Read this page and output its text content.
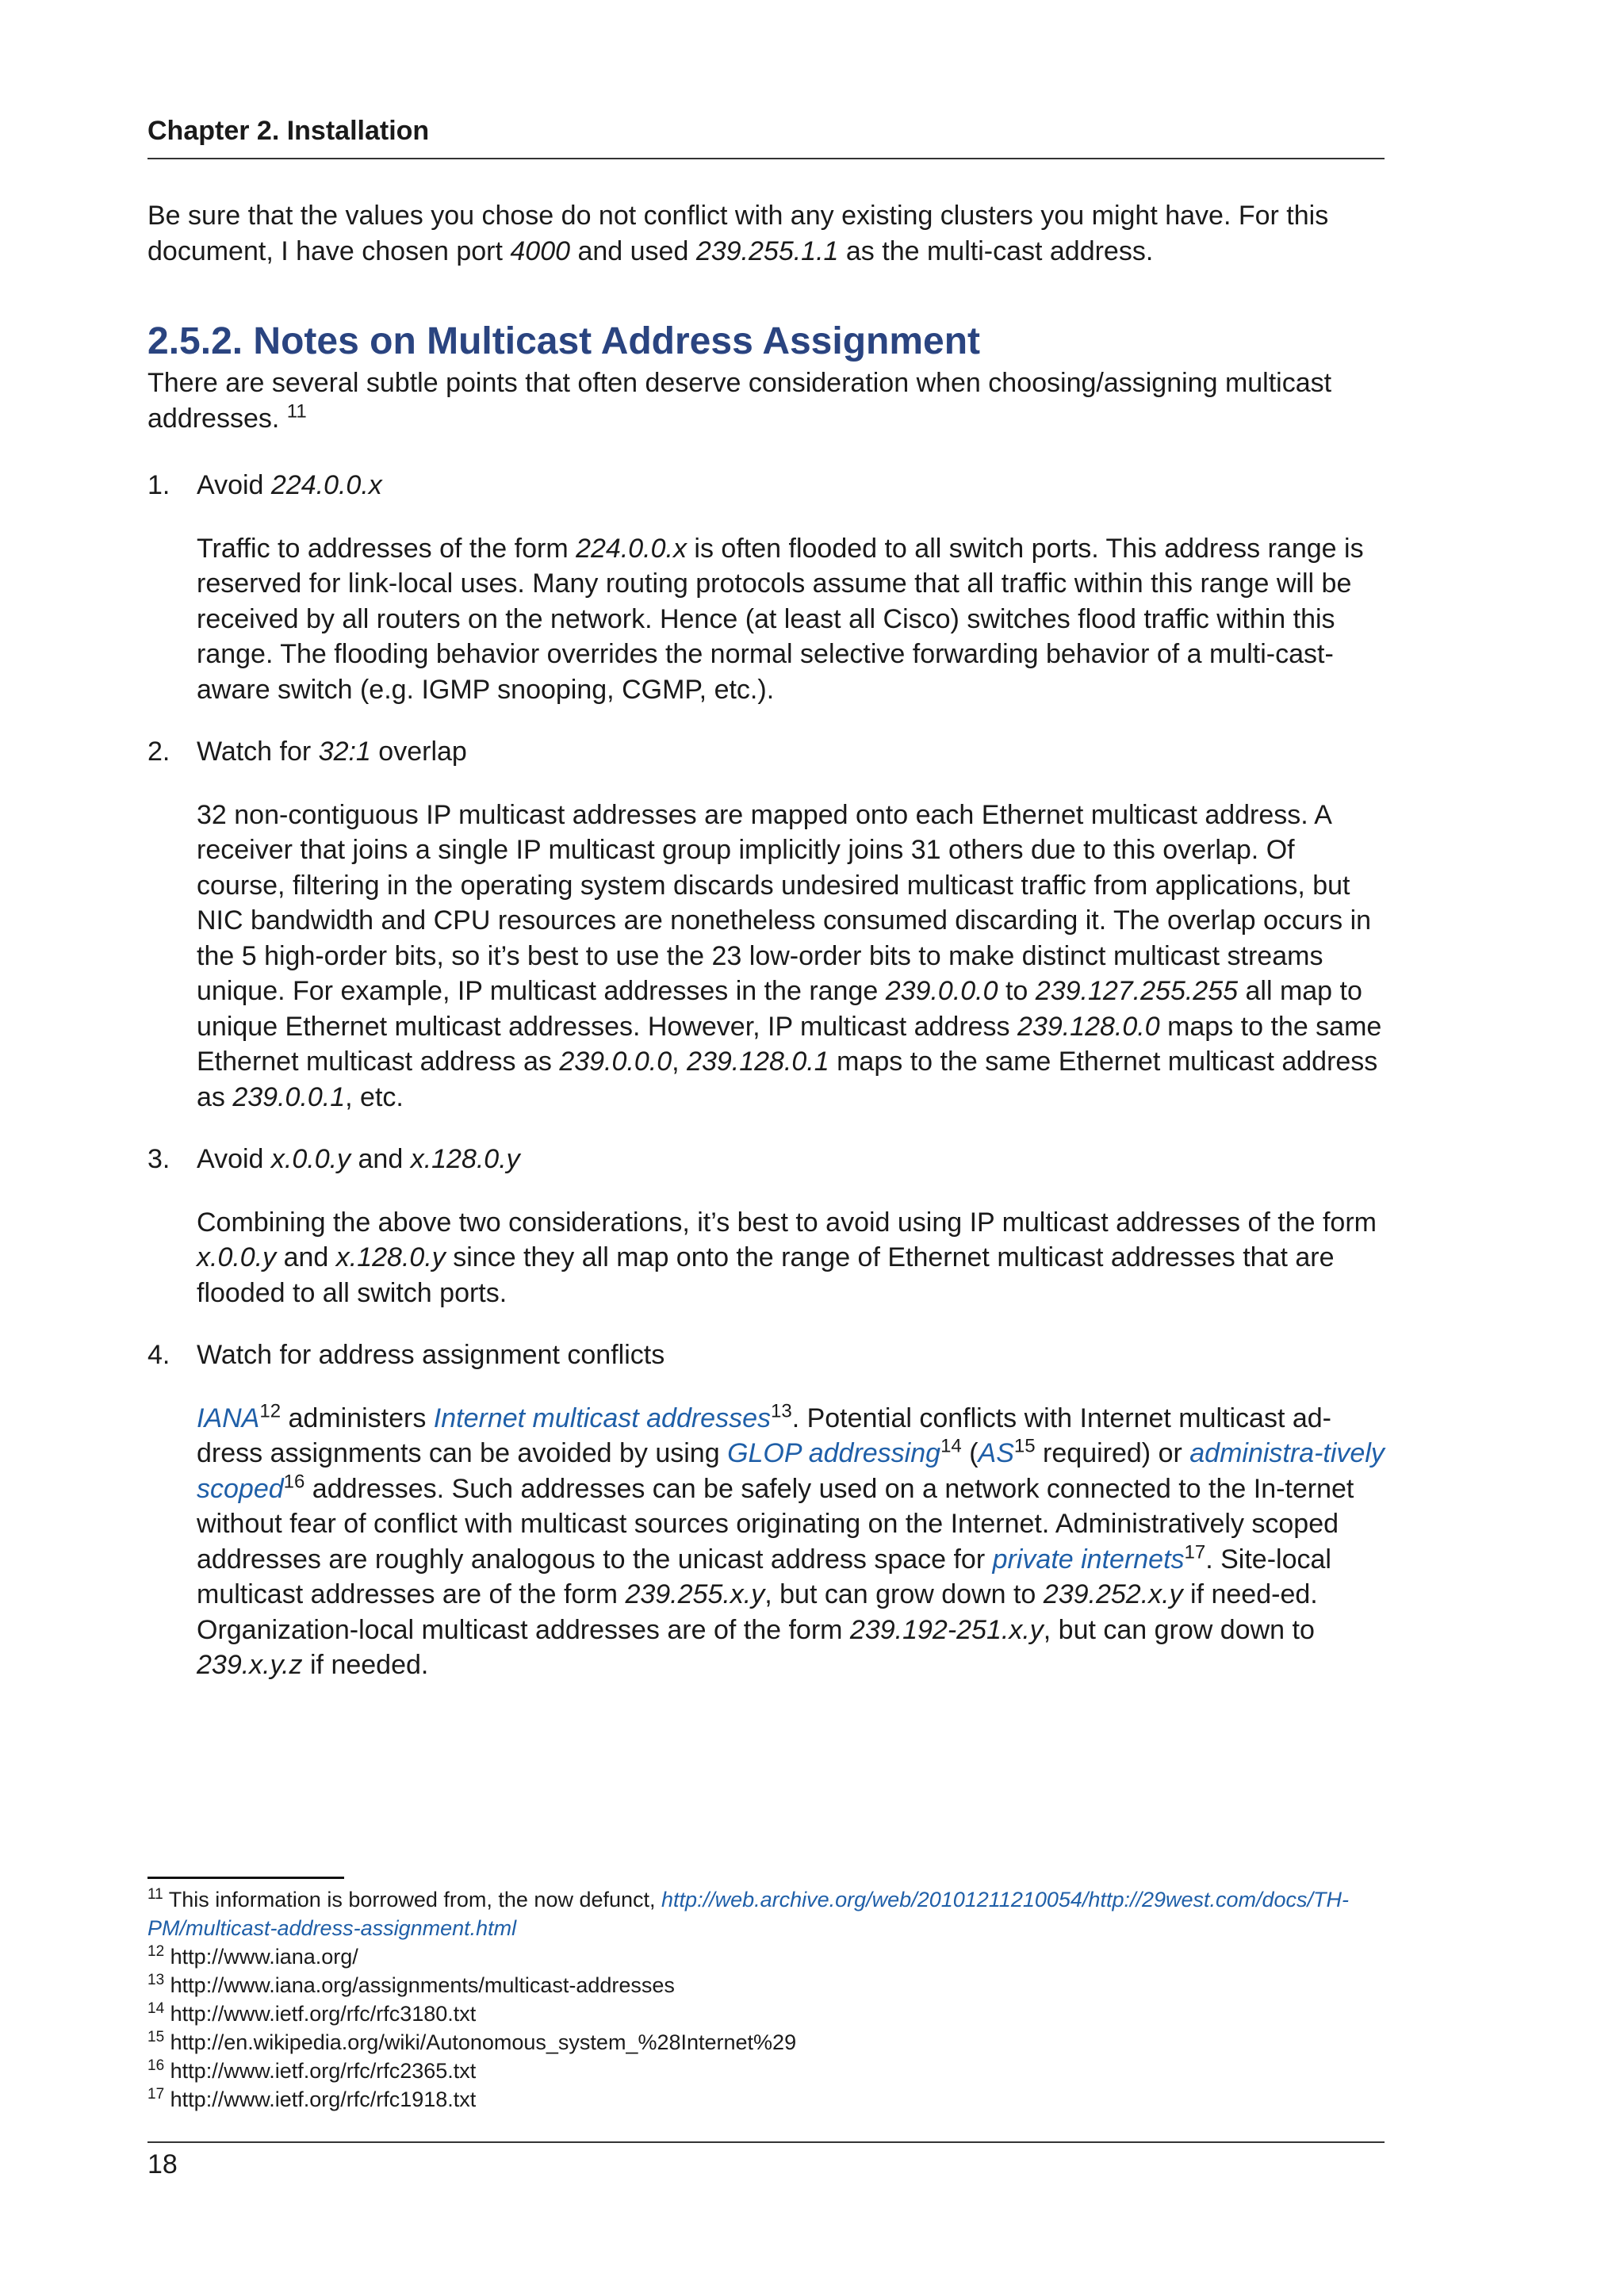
Chapter 2. Installation

Be sure that the values you chose do not conflict with any existing clusters you might have. For this document, I have chosen port 4000 and used 239.255.1.1 as the multi-cast address.

2.5.2. Notes on Multicast Address Assignment

There are several subtle points that often deserve consideration when choosing/assigning multicast addresses. $^{11}$

1. Avoid 224.0.0.x

Traffic to addresses of the form 224.0.0.x is often flooded to all switch ports. This address range is reserved for link-local uses. Many routing protocols assume that all traffic within this range will be received by all routers on the network. Hence (at least all Cisco) switches flood traffic within this range. The flooding behavior overrides the normal selective forwarding behavior of a multi-cast-aware switch (e.g. IGMP snooping, CGMP, etc.).

2. Watch for 32:1 overlap

32 non-contiguous IP multicast addresses are mapped onto each Ethernet multicast address. A receiver that joins a single IP multicast group implicitly joins 31 others due to this overlap. Of course, filtering in the operating system discards undesired multicast traffic from applications, but NIC bandwidth and CPU resources are nonetheless consumed discarding it. The overlap occurs in the 5 high-order bits, so it’s best to use the 23 low-order bits to make distinct multicast streams unique. For example, IP multicast addresses in the range 239.0.0.0 to 239.127.255.255 all map to unique Ethernet multicast addresses. However, IP multicast address 239.128.0.0 maps to the same Ethernet multicast address as 239.0.0.0, 239.128.0.1 maps to the same Ethernet multicast address as 239.0.0.1, etc.

3. Avoid x.0.0.y and x.128.0.y

Combining the above two considerations, it’s best to avoid using IP multicast addresses of the form x.0.0.y and x.128.0.y since they all map onto the range of Ethernet multicast addresses that are flooded to all switch ports.

4. Watch for address assignment conflicts

IANA$^{12}$ administers Internet multicast addresses$^{13}$. Potential conflicts with Internet multicast ad-dress assignments can be avoided by using GLOP addressing$^{14}$ (AS$^{15}$ required) or administra-tively scoped$^{16}$ addresses. Such addresses can be safely used on a network connected to the In-ternet without fear of conflict with multicast sources originating on the Internet. Administratively scoped addresses are roughly analogous to the unicast address space for private internets$^{17}$. Site-local multicast addresses are of the form 239.255.x.y, but can grow down to 239.252.x.y if need-ed. Organization-local multicast addresses are of the form 239.192-251.x.y, but can grow down to 239.x.y.z if needed.

$^{11}$ This information is borrowed from, the now defunct, http://web.archive.org/web/20101211210054/http://29west.com/docs/TH-PM/multicast-address-assignment.html
$^{12}$ http://www.iana.org/
$^{13}$ http://www.iana.org/assignments/multicast-addresses
$^{14}$ http://www.ietf.org/rfc/rfc3180.txt
$^{15}$ http://en.wikipedia.org/wiki/Autonomous_system_%28Internet%29
$^{16}$ http://www.ietf.org/rfc/rfc2365.txt
$^{17}$ http://www.ietf.org/rfc/rfc1918.txt
18
